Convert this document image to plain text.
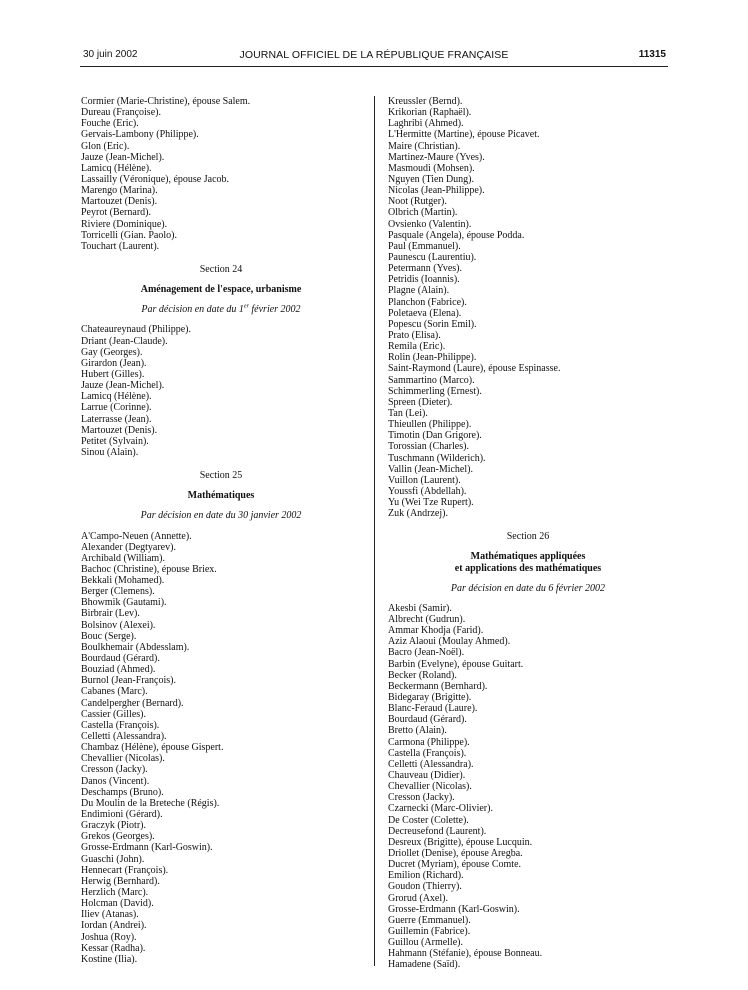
30 juin 2002	JOURNAL OFFICIEL DE LA RÉPUBLIQUE FRANÇAISE	11315
Cormier (Marie-Christine), épouse Salem.
Dureau (Françoise).
Fouche (Eric).
Gervais-Lambony (Philippe).
Glon (Eric).
Jauze (Jean-Michel).
Lamicq (Hélène).
Lassailly (Véronique), épouse Jacob.
Marengo (Marina).
Martouzet (Denis).
Peyrot (Bernard).
Riviere (Dominique).
Torricelli (Gian. Paolo).
Touchart (Laurent).
Section 24
Aménagement de l'espace, urbanisme
Par décision en date du 1er février 2002
Chateaureynaud (Philippe).
Driant (Jean-Claude).
Gay (Georges).
Girardon (Jean).
Hubert (Gilles).
Jauze (Jean-Michel).
Lamicq (Hélène).
Larrue (Corinne).
Laterrasse (Jean).
Martouzet (Denis).
Petitet (Sylvain).
Sinou (Alain).
Section 25
Mathématiques
Par décision en date du 30 janvier 2002
A'Campo-Neuen (Annette).
Alexander (Degtyarev).
Archibald (William).
Bachoc (Christine), épouse Briex.
Bekkali (Mohamed).
Berger (Clemens).
Bhowmik (Gautami).
Birbrair (Lev).
Bolsinov (Alexei).
Bouc (Serge).
Boulkhemair (Abdesslam).
Bourdaud (Gérard).
Bouziad (Ahmed).
Burnol (Jean-François).
Cabanes (Marc).
Candelpergher (Bernard).
Cassier (Gilles).
Castella (François).
Celletti (Alessandra).
Chambaz (Hélène), épouse Gispert.
Chevallier (Nicolas).
Cresson (Jacky).
Danos (Vincent).
Deschamps (Bruno).
Du Moulin de la Breteche (Régis).
Endimioni (Gérard).
Graczyk (Piotr).
Grekos (Georges).
Grosse-Erdmann (Karl-Goswin).
Guaschi (John).
Hennecart (François).
Herwig (Bernhard).
Herzlich (Marc).
Holcman (David).
Iliev (Atanas).
Iordan (Andrei).
Joshua (Roy).
Kessar (Radha).
Kostine (Ilia).
Kreussler (Bernd).
Krikorian (Raphaël).
Laghribi (Ahmed).
L'Hermitte (Martine), épouse Picavet.
Maire (Christian).
Martinez-Maure (Yves).
Masmoudi (Mohsen).
Nguyen (Tien Dung).
Nicolas (Jean-Philippe).
Noot (Rutger).
Olbrich (Martin).
Ovsienko (Valentin).
Pasquale (Angela), épouse Podda.
Paul (Emmanuel).
Paunescu (Laurentiu).
Petermann (Yves).
Petridis (Ioannis).
Plagne (Alain).
Planchon (Fabrice).
Poletaeva (Elena).
Popescu (Sorin Emil).
Prato (Elisa).
Remila (Eric).
Rolin (Jean-Philippe).
Saint-Raymond (Laure), épouse Espinasse.
Sammartino (Marco).
Schimmerling (Ernest).
Spreen (Dieter).
Tan (Lei).
Thieullen (Philippe).
Timotin (Dan Grigore).
Torossian (Charles).
Tuschmann (Wilderich).
Vallin (Jean-Michel).
Vuillon (Laurent).
Youssfi (Abdellah).
Yu (Wei Tze Rupert).
Zuk (Andrzej).
Section 26
Mathématiques appliquées
et applications des mathématiques
Par décision en date du 6 février 2002
Akesbi (Samir).
Albrecht (Gudrun).
Ammar Khodja (Farid).
Aziz Alaoui (Moulay Ahmed).
Bacro (Jean-Noël).
Barbin (Evelyne), épouse Guitart.
Becker (Roland).
Beckermann (Bernhard).
Bidegaray (Brigitte).
Blanc-Feraud (Laure).
Bourdaud (Gérard).
Bretto (Alain).
Carmona (Philippe).
Castella (François).
Celletti (Alessandra).
Chauveau (Didier).
Chevallier (Nicolas).
Cresson (Jacky).
Czarnecki (Marc-Olivier).
De Coster (Colette).
Decreusefond (Laurent).
Desreux (Brigitte), épouse Lucquin.
Driollet (Denise), épouse Aregba.
Ducret (Myriam), épouse Comte.
Emilion (Richard).
Goudon (Thierry).
Grorud (Axel).
Grosse-Erdmann (Karl-Goswin).
Guerre (Emmanuel).
Guillemin (Fabrice).
Guillou (Armelle).
Hahmann (Stéfanie), épouse Bonneau.
Hamadene (Saïd).
